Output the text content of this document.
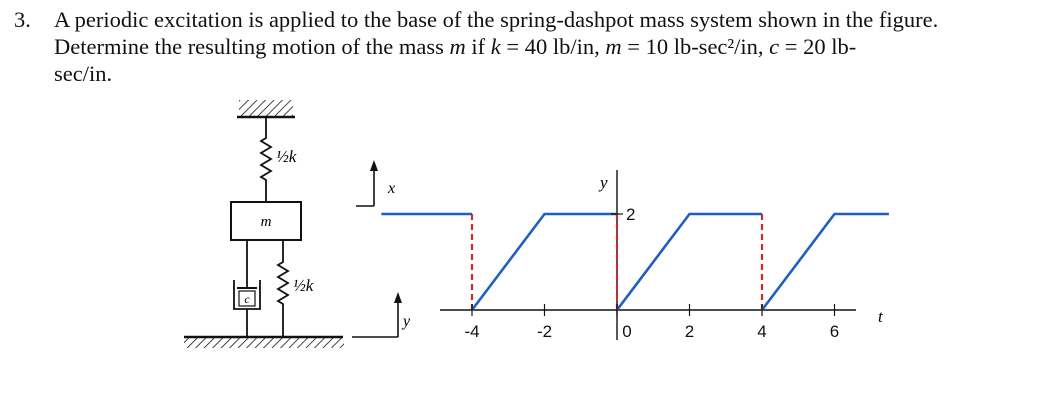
3. A periodic excitation is applied to the base of the spring-dashpot mass system shown in the figure.
Determine the resulting motion of the mass m if k = 40 lb/in, m = 10 lb-sec²/in, c = 20 lb-
sec/in.
½k
m
c
½k
x
y	t
y
-4	-2	0	2	4	6
2
